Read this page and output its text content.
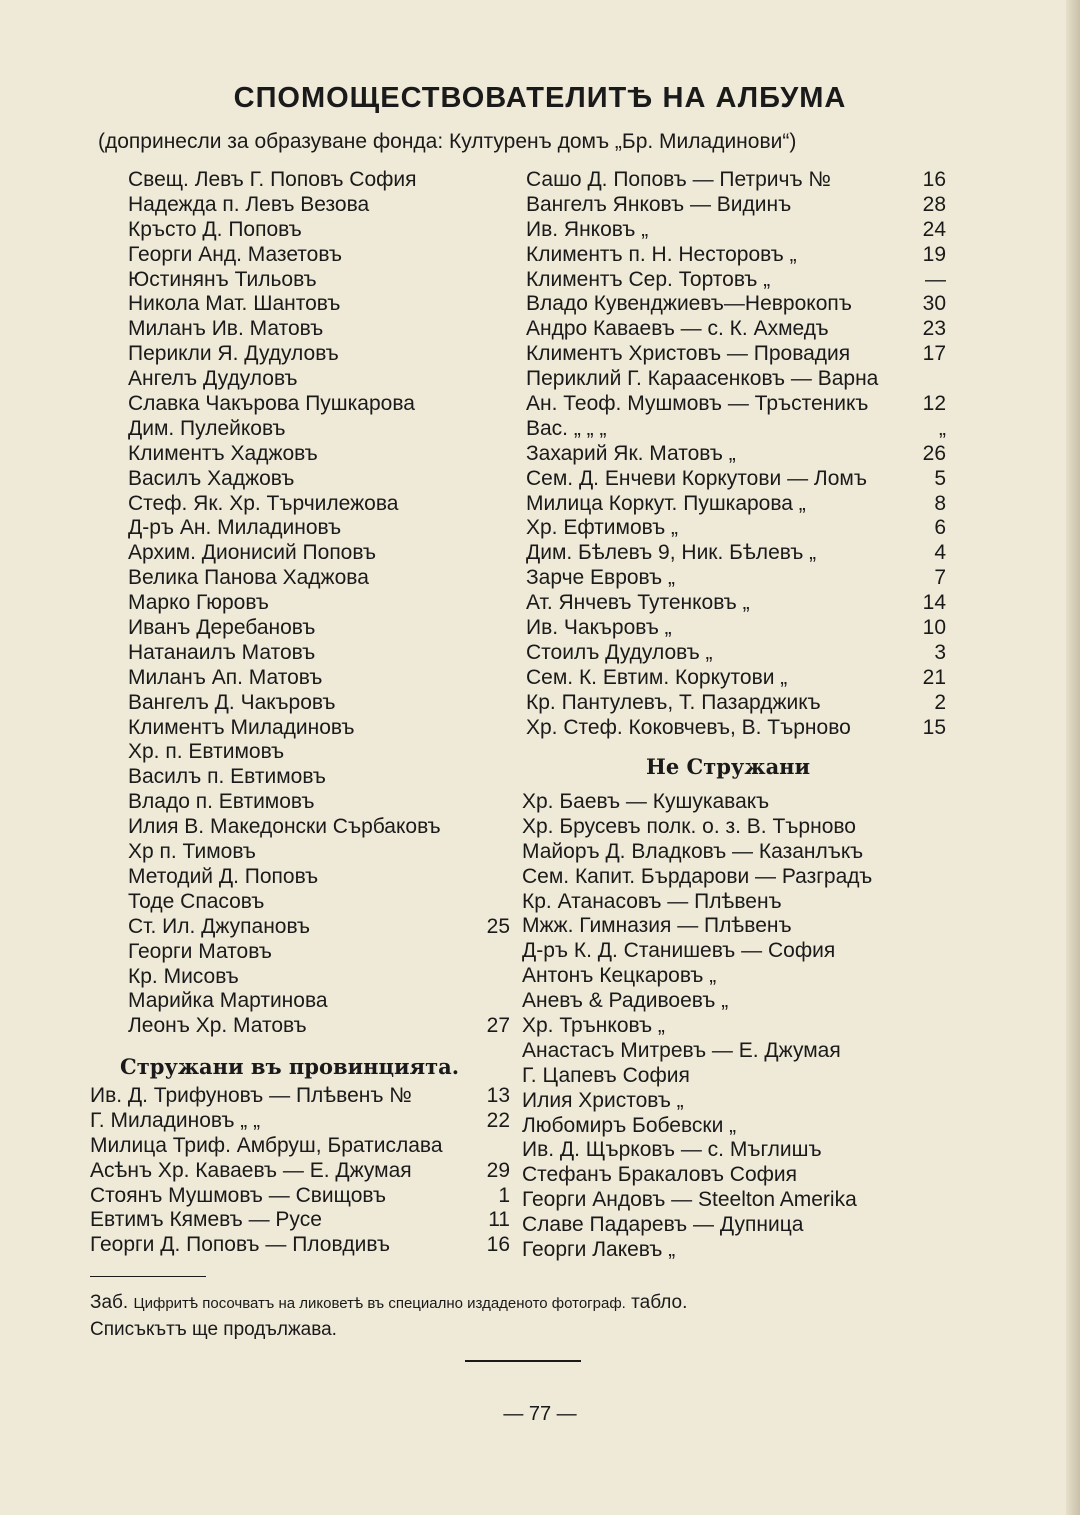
СПОМОЩЕСТВОВАТЕЛИТѢ НА АЛБУМА
(допринесли за образуване фонда: Културенъ домъ „Бр. Миладинови“)
Свещ. Левъ Г. Поповъ София
Надежда п. Левъ Везова
Кръсто Д. Поповъ
Георги Анд. Мазетовъ
Юстинянъ Тильовъ
Никола Мат. Шантовъ
Миланъ Ив. Матовъ
Перикли Я. Дудуловъ
Ангелъ Дудуловъ
Славка Чакърова Пушкарова
Дим. Пулейковъ
Климентъ Хаджовъ
Василъ Хаджовъ
Стеф. Як. Хр. Търчилежова
Д-ръ Ан. Миладиновъ
Архим. Дионисий Поповъ
Велика Панова Хаджова
Марко Гюровъ
Иванъ Деребановъ
Натанаилъ Матовъ
Миланъ Ап. Матовъ
Вангелъ Д. Чакъровъ
Климентъ Миладиновъ
Хр. п. Евтимовъ
Василъ п. Евтимовъ
Владо п. Евтимовъ
Илия В. Македонски Сърбаковъ
Хр п. Тимовъ
Методий Д. Поповъ
Тоде Спасовъ
Ст. Ил. Джупановъ	25
Георги Матовъ
Кр. Мисовъ
Марийка Мартинова
Леонъ Хр. Матовъ	27
Сашо Д. Поповъ — Петричъ №	16
Вангелъ Янковъ — Видинъ	28
Ив. Янковъ „	24
Климентъ п. Н. Несторовъ „	19
Климентъ Сер. Тортовъ „	—
Владо Кувенджиевъ—Неврокопъ	30
Андро Каваевъ — с. К. Ахмедъ	23
Климентъ Христовъ — Провадия	17
Периклий Г. Караасенковъ — Варна
Ан. Теоф. Мушмовъ — Тръстеникъ	12
Вас. „ „ „	„
Захарий Як. Матовъ „	26
Сем. Д. Енчеви Коркутови — Ломъ	5
Милица Коркут. Пушкарова „	8
Хр. Ефтимовъ „	6
Дим. Бѣлевъ 9, Ник. Бѣлевъ „	4
Зарче Евровъ „	7
Ат. Янчевъ Тутенковъ „	14
Ив. Чакъровъ „	10
Стоилъ Дудуловъ „	3
Сем. К. Евтим. Коркутови „	21
Кр. Пантулевъ, Т. Пазарджикъ	2
Хр. Стеф. Коковчевъ, В. Търново	15
Не Стружани
Хр. Баевъ — Кушукавакъ
Хр. Брусевъ полк. о. з. В. Търново
Майоръ Д. Владковъ — Казанлъкъ
Сем. Капит. Бърдарови — Разградъ
Кр. Атанасовъ — Плѣвенъ
Мжж. Гимназия — Плѣвенъ
Д-ръ К. Д. Станишевъ — София
Антонъ Кецкаровъ „
Аневъ & Радивоевъ „
Хр. Трънковъ „
Анастасъ Митревъ — Е. Джумая
Г. Цапевъ София
Илия Христовъ „
Любомиръ Бобевски „
Ив. Д. Щърковъ — с. Мъглишъ
Стефанъ Бракаловъ София
Георги Андовъ — Steelton Amerika
Славе Падаревъ — Дупница
Георги Лакевъ „
Стружани въ провинцията.
Ив. Д. Трифуновъ — Плѣвенъ №	13
Г. Миладиновъ „ „	22
Милица Триф. Амбруш, Братислава
Асѣнъ Хр. Каваевъ — Е. Джумая	29
Стоянъ Мушмовъ — Свищовъ	1
Евтимъ Кямевъ — Русе	11
Георги Д. Поповъ — Пловдивъ	16
Заб. Цифритѣ посочватъ на ликоветѣ въ специално издаденото фотограф. табло.
Списъкътъ ще продължава.
— 77 —
